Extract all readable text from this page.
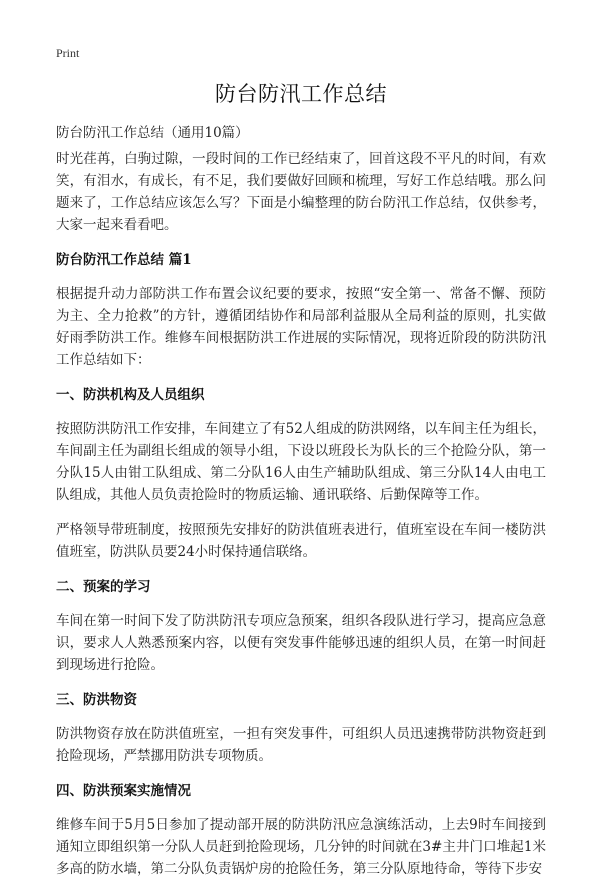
Print
防台防汛工作总结

防台防汛工作总结（通用10篇）

时光荏苒，白驹过隙，一段时间的工作已经结束了，回首这段不平凡的时间，有欢笑，有泪水，有成长，有不足，我们要做好回顾和梳理，写好工作总结哦。那么问题来了，工作总结应该怎么写？下面是小编整理的防台防汛工作总结，仅供参考，大家一起来看看吧。

防台防汛工作总结 篇1

根据提升动力部防洪工作布置会议纪要的要求，按照“安全第一、常备不懈、预防为主、全力抢救”的方针，遵循团结协作和局部利益服从全局利益的原则，扎实做好雨季防洪工作。维修车间根据防洪工作进展的实际情况，现将近阶段的防洪防汛工作总结如下：

一、防洪机构及人员组织

按照防洪防汛工作安排，车间建立了有52人组成的防洪网络，以车间主任为组长，车间副主任为副组长组成的领导小组，下设以班段长为队长的三个抢险分队，第一分队15人由钳工队组成、第二分队16人由生产辅助队组成、第三分队14人由电工队组成，其他人员负责抢险时的物质运输、通讯联络、后勤保障等工作。

严格领导带班制度，按照预先安排好的防洪值班表进行，值班室设在车间一楼防洪值班室，防洪队员要24小时保持通信联络。

二、预案的学习

车间在第一时间下发了防洪防汛专项应急预案，组织各段队进行学习，提高应急意识，要求人人熟悉预案内容，以便有突发事件能够迅速的组织人员，在第一时间赶到现场进行抢险。

三、防洪物资

防洪物资存放在防洪值班室，一担有突发事件，可组织人员迅速携带防洪物资赶到抢险现场，严禁挪用防洪专项物质。

四、防洪预案实施情况

维修车间于5月5日参加了提动部开展的防洪防汛应急演练活动，上去9时车间接到通知立即组织第一分队人员赶到抢险现场，几分钟的时间就在3#主井门口堆起1米多高的防水墙，第二分队负责锅炉房的抢险任务，第三分队原地待命，等待下步安
